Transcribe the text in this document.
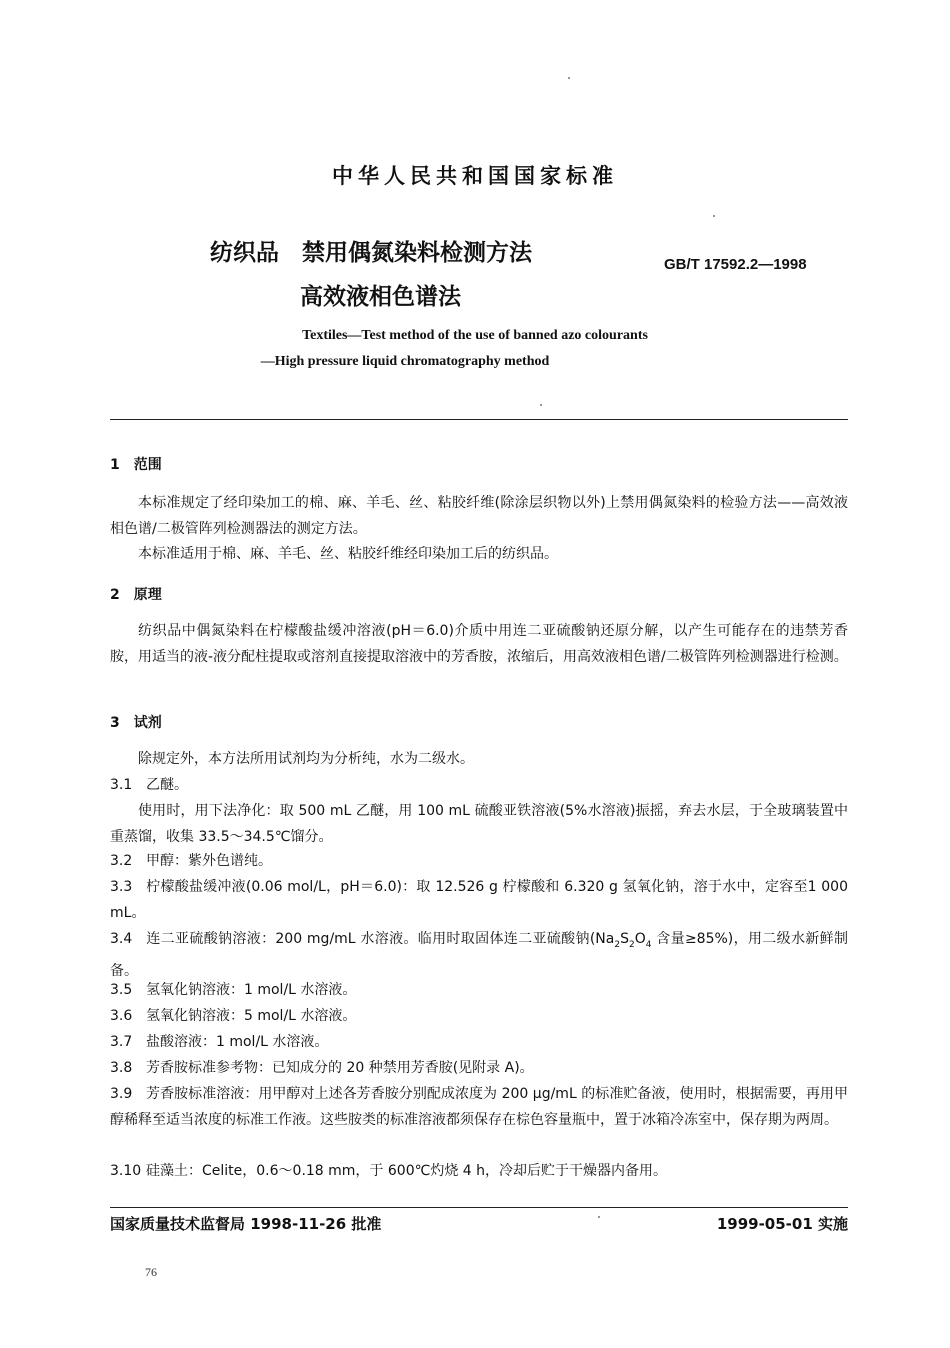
中华人民共和国国家标准
纺织品　禁用偶氮染料检测方法
高效液相色谱法
GB/T 17592.2—1998
Textiles—Test method of the use of banned azo colourants
—High pressure liquid chromatography method
1　范围
本标准规定了经印染加工的棉、麻、羊毛、丝、粘胶纤维(除涂层织物以外)上禁用偶氮染料的检验方法——高效液相色谱/二极管阵列检测器法的测定方法。
本标准适用于棉、麻、羊毛、丝、粘胶纤维经印染加工后的纺织品。
2　原理
纺织品中偶氮染料在柠檬酸盐缓冲溶液(pH＝6.0)介质中用连二亚硫酸钠还原分解，以产生可能存在的违禁芳香胺，用适当的液-液分配柱提取或溶剂直接提取溶液中的芳香胺，浓缩后，用高效液相色谱/二极管阵列检测器进行检测。
3　试剂
除规定外，本方法所用试剂均为分析纯，水为二级水。
3.1 乙醚。
使用时，用下法净化：取 500 mL 乙醚，用 100 mL 硫酸亚铁溶液(5%水溶液)振摇，弃去水层，于全玻璃装置中重蒸馏，收集 33.5～34.5℃馏分。
3.2 甲醇：紫外色谱纯。
3.3 柠檬酸盐缓冲液(0.06 mol/L，pH＝6.0)：取 12.526 g 柠檬酸和 6.320 g 氢氧化钠，溶于水中，定容至1 000 mL。
3.4 连二亚硫酸钠溶液：200 mg/mL 水溶液。临用时取固体连二亚硫酸钠($Na_2S_2O_4$ 含量≥85%)，用二级水新鲜制备。
3.5 氢氧化钠溶液：1 mol/L 水溶液。
3.6 氢氧化钠溶液：5 mol/L 水溶液。
3.7 盐酸溶液：1 mol/L 水溶液。
3.8 芳香胺标准参考物：已知成分的 20 种禁用芳香胺(见附录 A)。
3.9 芳香胺标准溶液：用甲醇对上述各芳香胺分别配成浓度为 200 μg/mL 的标准贮备液，使用时，根据需要，再用甲醇稀释至适当浓度的标准工作液。这些胺类的标准溶液都须保存在棕色容量瓶中，置于冰箱冷冻室中，保存期为两周。
3.10 硅藻土：Celite，0.6～0.18 mm，于 600℃灼烧 4 h，冷却后贮于干燥器内备用。
国家质量技术监督局 1998-11-26 批准	1999-05-01 实施
76
